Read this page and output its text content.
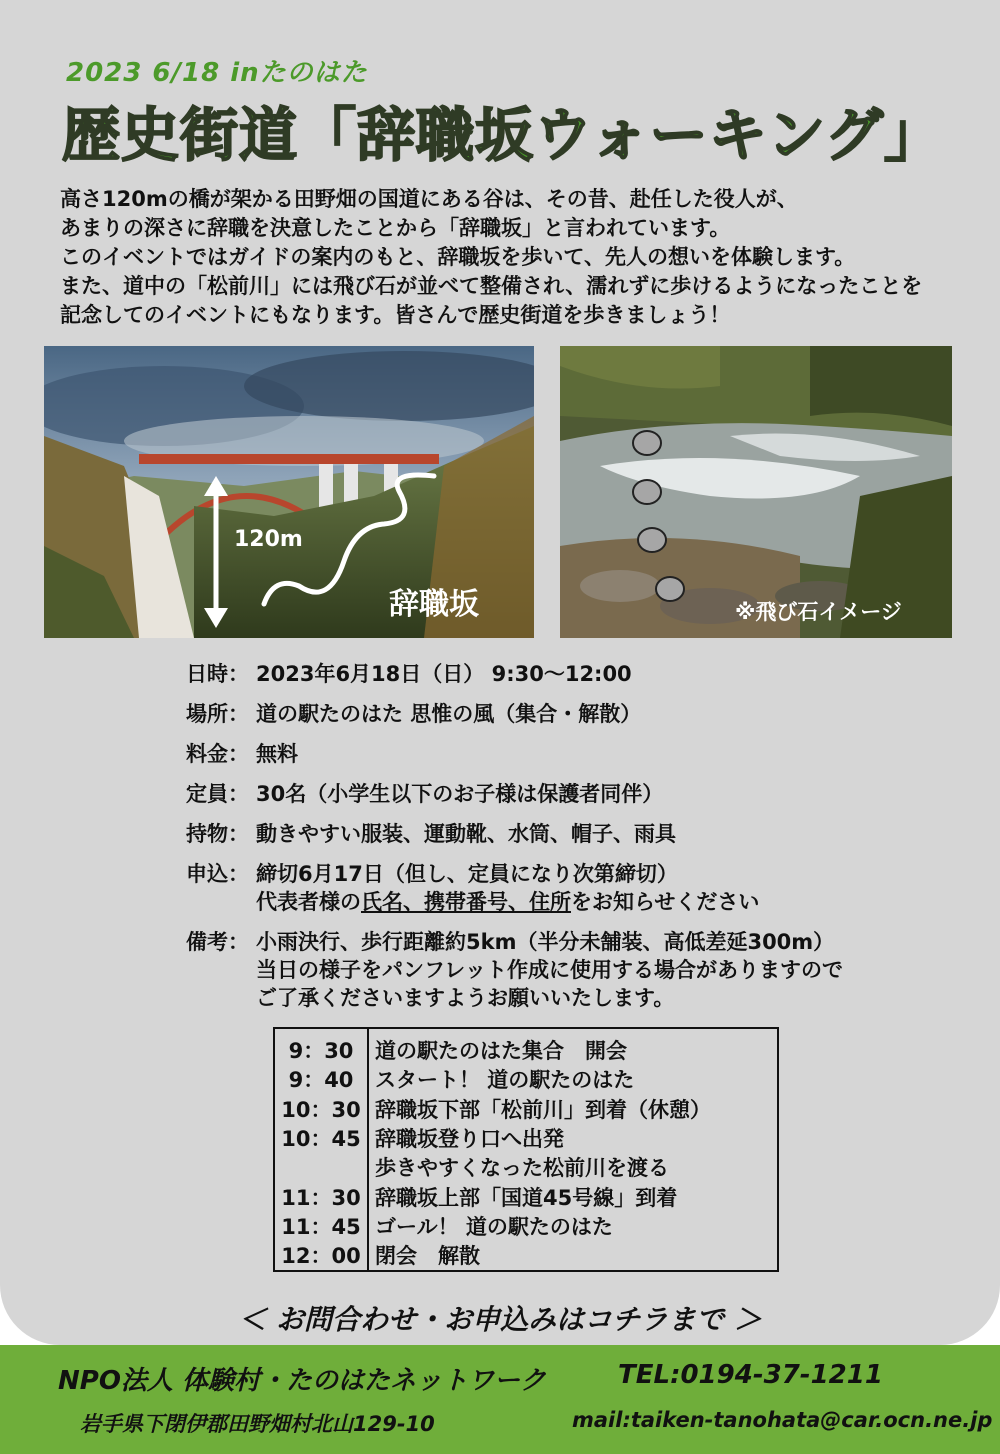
2023 6/18 inたのはた
歴史街道「辞職坂ウォーキング」
高さ120mの橋が架かる田野畑の国道にある谷は、その昔、赴任した役人が、
あまりの深さに辞職を決意したことから「辞職坂」と言われています。
このイベントではガイドの案内のもと、辞職坂を歩いて、先人の想いを体験します。
また、道中の「松前川」には飛び石が並べて整備され、濡れずに歩けるようになったことを
記念してのイベントにもなります。皆さんで歴史街道を歩きましょう！
120m
辞職坂	※飛び石イメージ
日時： 2023年6月18日（日） 9:30～12:00
場所： 道の駅たのはた 思惟の風（集合・解散）
料金： 無料
定員： 30名（小学生以下のお子様は保護者同伴）
持物： 動きやすい服装、運動靴、水筒、帽子、雨具
申込： 締切6月17日（但し、定員になり次第締切）
代表者様の氏名、携帯番号、住所をお知らせください
備考： 小雨決行、歩行距離約5km（半分未舗装、高低差延300m）
当日の様子をパンフレット作成に使用する場合がありますので
ご了承くださいますようお願いいたします。
9：30	道の駅たのはた集合　開会
9：40	スタート！ 道の駅たのはた
10：30 辞職坂下部「松前川」到着（休憩）
10：45 辞職坂登り口へ出発
歩きやすくなった松前川を渡る
11：30 辞職坂上部「国道45号線」到着
11：45 ゴール！ 道の駅たのはた
12：00 閉会　解散
＜ お問合わせ・お申込みはコチラまで ＞
NPO法人 体験村・たのはたネットワーク
岩手県下閉伊郡田野畑村北山129-10
TEL:0194-37-1211
mail:taiken-tanohata@car.ocn.ne.jp
